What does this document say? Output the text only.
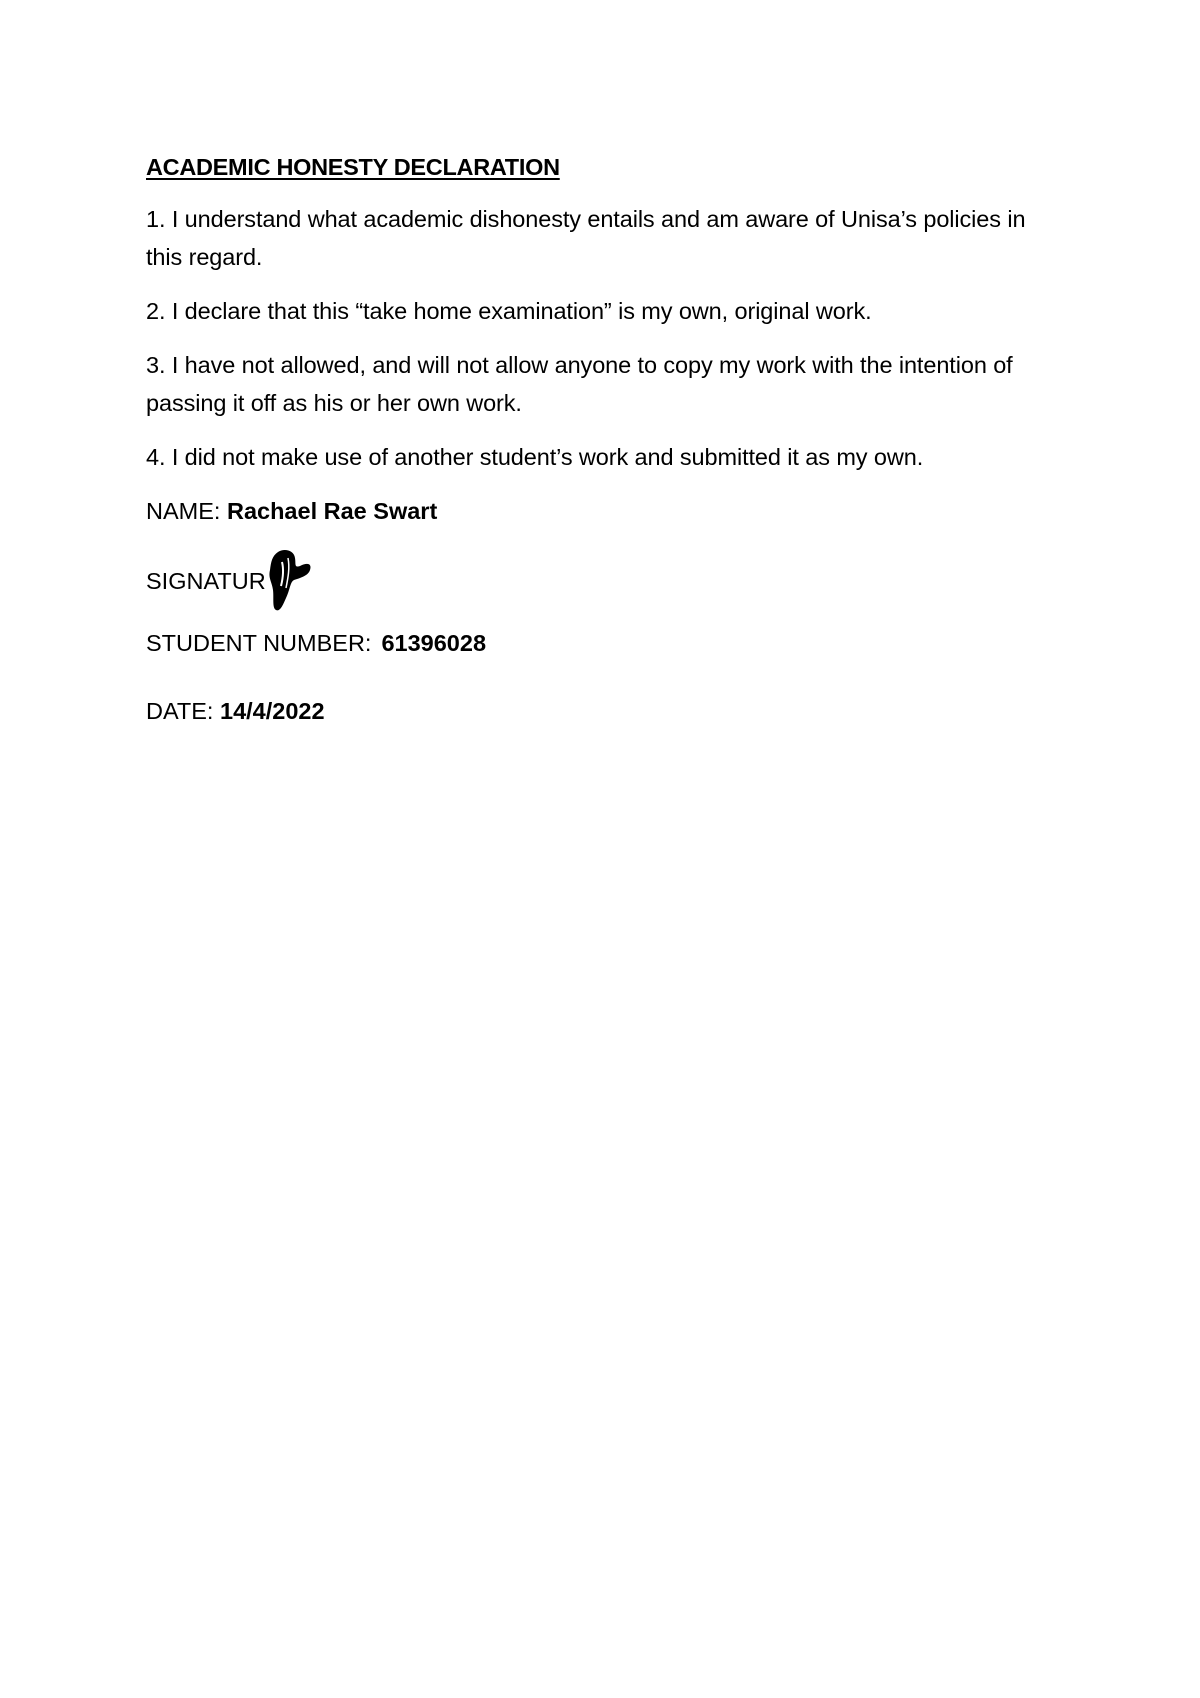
ACADEMIC HONESTY DECLARATION
1. I understand what academic dishonesty entails and am aware of Unisa’s policies in this regard.
2. I declare that this “take home examination” is my own, original work.
3. I have not allowed, and will not allow anyone to copy my work with the intention of passing it off as his or her own work.
4. I did not make use of another student’s work and submitted it as my own.
NAME: Rachael Rae Swart
SIGNATUR
STUDENT NUMBER: 61396028
DATE: 14/4/2022
